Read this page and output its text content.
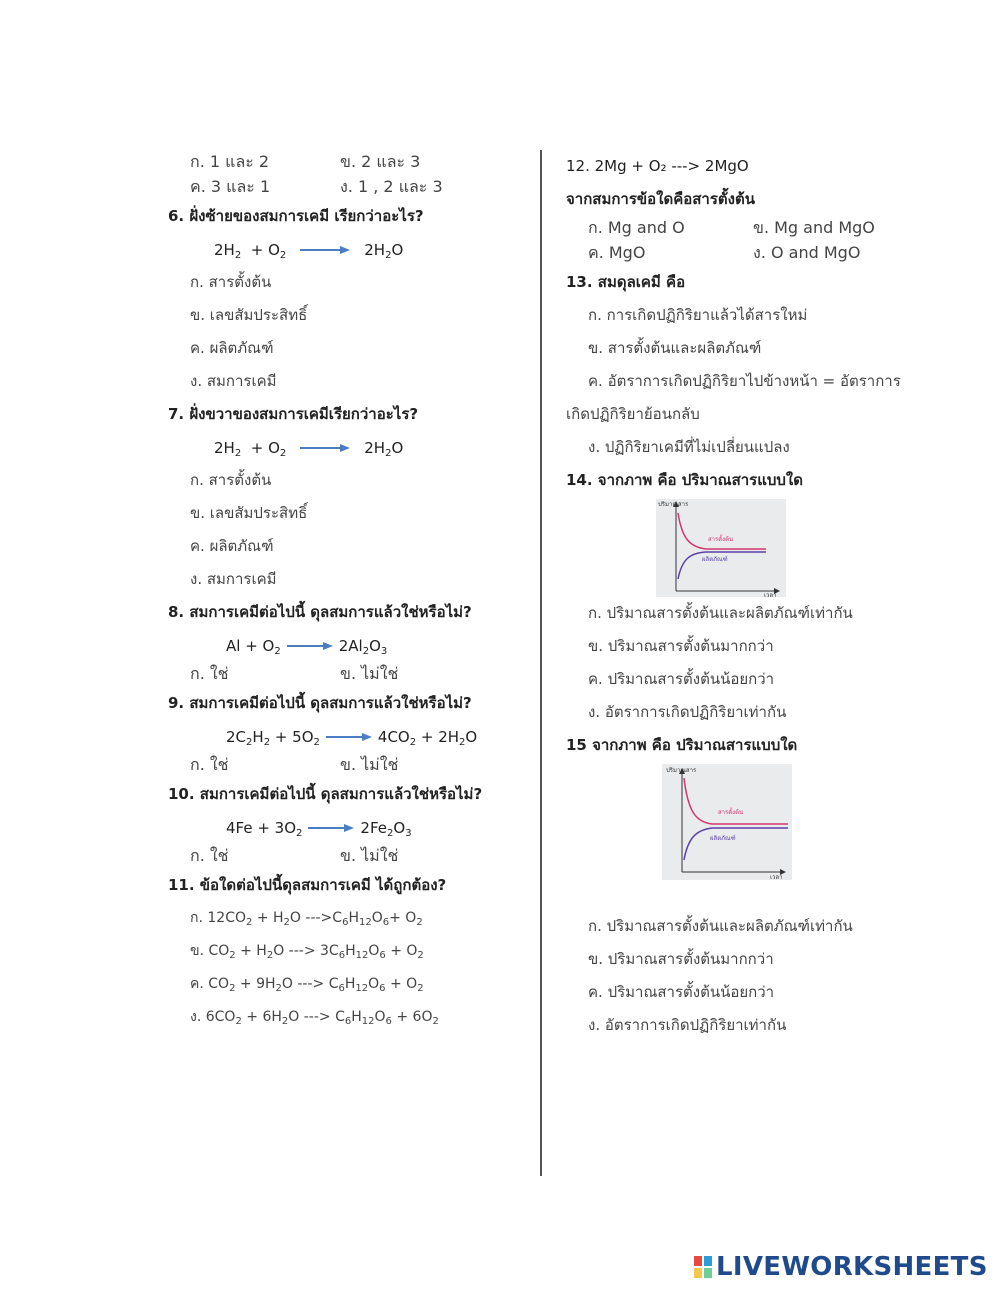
ก. 1 และ 2	ข. 2 และ 3
ค. 3 และ 1	ง. 1 , 2 และ 3
6. ฝั่งซ้ายของสมการเคมี เรียกว่าอะไร?
$2H_2 + O_2$	$2H_2O$
ก. สารตั้งต้น
ข. เลขสัมประสิทธิ์
ค. ผลิตภัณฑ์
ง. สมการเคมี
7. ฝั่งขวาของสมการเคมีเรียกว่าอะไร?
$2H_2 + O_2$	$2H_2O$
ก. สารตั้งต้น
ข. เลขสัมประสิทธิ์
ค. ผลิตภัณฑ์
ง. สมการเคมี
8. สมการเคมีต่อไปนี้ ดุลสมการแล้วใช่หรือไม่?
$Al + O_2$	$2Al_2O_3$
ก. ใช่	ข. ไม่ใช่
9. สมการเคมีต่อไปนี้ ดุลสมการแล้วใช่หรือไม่?
$2C_2H_2 + 5O_2$	$4CO_2 + 2H_2O$
ก. ใช่	ข. ไม่ใช่
10. สมการเคมีต่อไปนี้ ดุลสมการแล้วใช่หรือไม่?
$4Fe + 3O_2$	$2Fe_2O_3$
ก. ใช่	ข. ไม่ใช่
11. ข้อใดต่อไปนี้ดุลสมการเคมี ได้ถูกต้อง?
ก. $12CO_2 + H_2O$ $--->C_6H_{12}O_6+ O_2$
ข. $CO_2 + H_2O$ ---> $3C_6H_{12}O_6 + O_2$
ค. $CO_2 + 9H_2O$ ---> $C_6H_{12}O_6 + O_2$
ง. $6CO_2 + 6H_2O$ ---> $C_6H_{12}O_6 + 6O_2$
12. 2Mg + O₂ ---> 2MgO
จากสมการข้อใดคือสารตั้งต้น
ก. Mg and O	ข. Mg and MgO
ค. MgO	ง. O and MgO
13. สมดุลเคมี คือ
ก. การเกิดปฏิกิริยาแล้วได้สารใหม่
ข. สารตั้งต้นและผลิตภัณฑ์
ค. อัตราการเกิดปฏิกิริยาไปข้างหน้า = อัตราการ
เกิดปฏิกิริยาย้อนกลับ
ง. ปฏิกิริยาเคมีที่ไม่เปลี่ยนแปลง
14. จากภาพ คือ ปริมาณสารแบบใด
ปริมาณสาร
เวลา
สารตั้งต้น
ผลิตภัณฑ์
ก. ปริมาณสารตั้งต้นและผลิตภัณฑ์เท่ากัน
ข. ปริมาณสารตั้งต้นมากกว่า
ค. ปริมาณสารตั้งต้นน้อยกว่า
ง. อัตราการเกิดปฏิกิริยาเท่ากัน
15 จากภาพ คือ ปริมาณสารแบบใด
ปริมาณสาร
เวลา
สารตั้งต้น
ผลิตภัณฑ์
ก. ปริมาณสารตั้งต้นและผลิตภัณฑ์เท่ากัน
ข. ปริมาณสารตั้งต้นมากกว่า
ค. ปริมาณสารตั้งต้นน้อยกว่า
ง. อัตราการเกิดปฏิกิริยาเท่ากัน
LIVEWORKSHEETS
